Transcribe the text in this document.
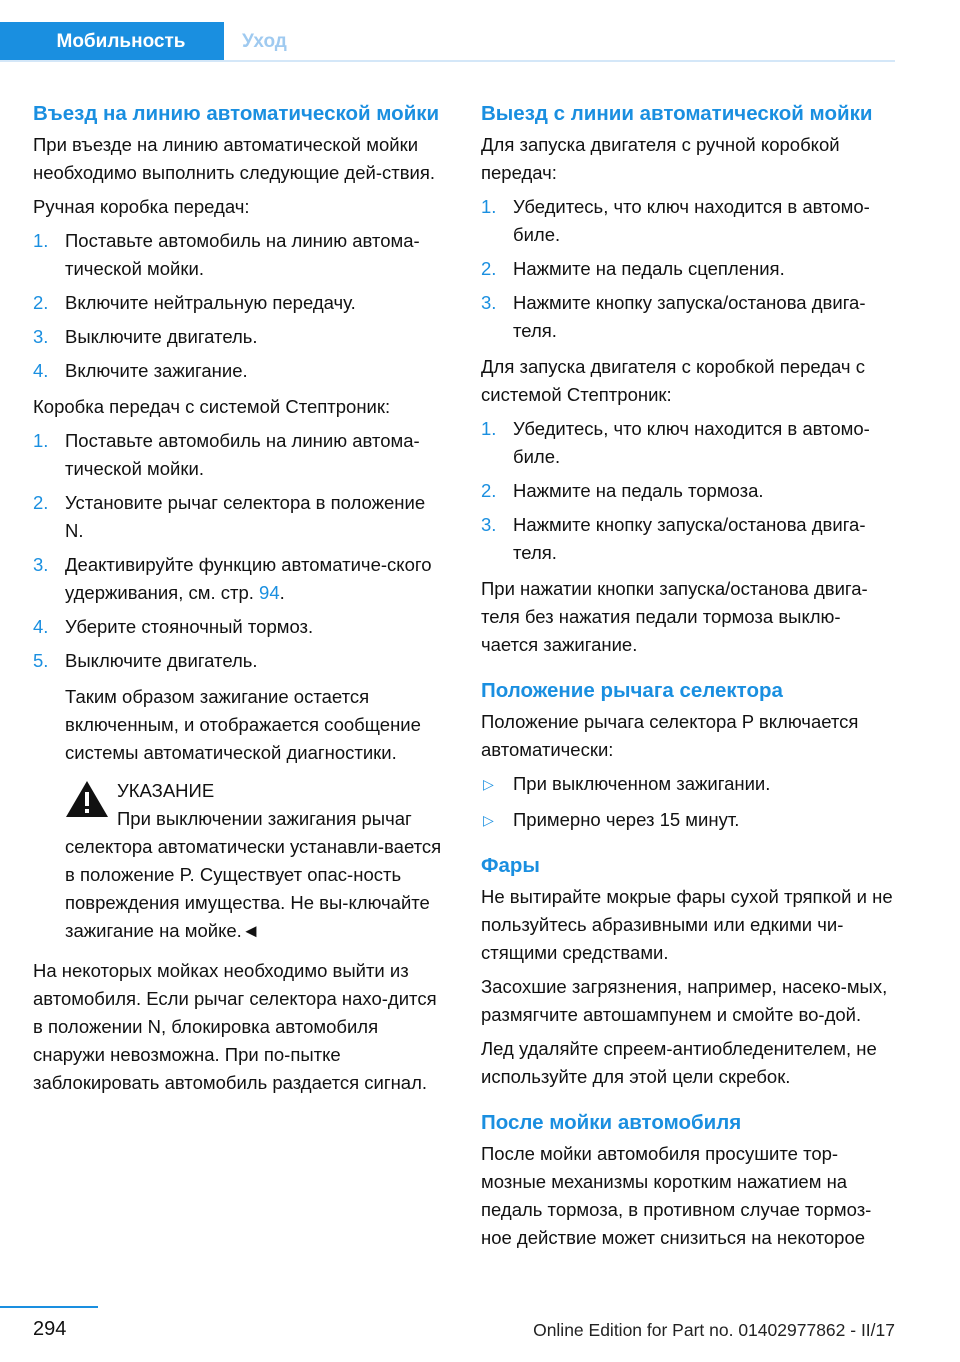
Мобильность	Уход
Въезд на линию автоматической мойки

При въезде на линию автоматической мойки необходимо выполнить следующие дей-ствия.

Ручная коробка передач:

1. Поставьте автомобиль на линию автома-тической мойки.
2. Включите нейтральную передачу.
3. Выключите двигатель.
4. Включите зажигание.

Коробка передач с системой Стептроник:

1. Поставьте автомобиль на линию автома-тической мойки.
2. Установите рычаг селектора в положение N.
3. Деактивируйте функцию автоматиче-ского удерживания, см. стр. 94.
4. Уберите стояночный тормоз.
5. Выключите двигатель.
Таким образом зажигание остается включенным, и отображается сообщение системы автоматической диагностики.
УКАЗАНИЕ
При выключении зажигания рычаг
селектора автоматически устанавли-вается в положение P. Существует опас-ность повреждения имущества. Не вы-ключайте зажигание на мойке.◄

На некоторых мойках необходимо выйти из автомобиля. Если рычаг селектора нахо-дится в положении N, блокировка автомобиля снаружи невозможна. При по-пытке заблокировать автомобиль раздается сигнал.

Выезд с линии автоматической мойки

Для запуска двигателя с ручной коробкой передач:

1. Убедитесь, что ключ находится в автомо-биле.
2. Нажмите на педаль сцепления.
3. Нажмите кнопку запуска/останова двига-теля.

Для запуска двигателя с коробкой передач с системой Стептроник:

1. Убедитесь, что ключ находится в автомо-биле.
2. Нажмите на педаль тормоза.
3. Нажмите кнопку запуска/останова двига-теля.

При нажатии кнопки запуска/останова двига-теля без нажатия педали тормоза выклю-чается зажигание.

Положение рычага селектора

Положение рычага селектора P включается автоматически:

▷ При выключенном зажигании.
▷ Примерно через 15 минут.
Фары

Не вытирайте мокрые фары сухой тряпкой и не пользуйтесь абразивными или едкими чи-стящими средствами.

Засохшие загрязнения, например, насеко-мых, размягчите автошампунем и смойте во-дой.

Лед удаляйте спреем-антиобледенителем, не используйте для этой цели скребок.

После мойки автомобиля

После мойки автомобиля просушите тор-мозные механизмы коротким нажатием на педаль тормоза, в противном случае тормоз-ное действие может снизиться на некоторое

294	Online Edition for Part no. 01402977862 - II/17
